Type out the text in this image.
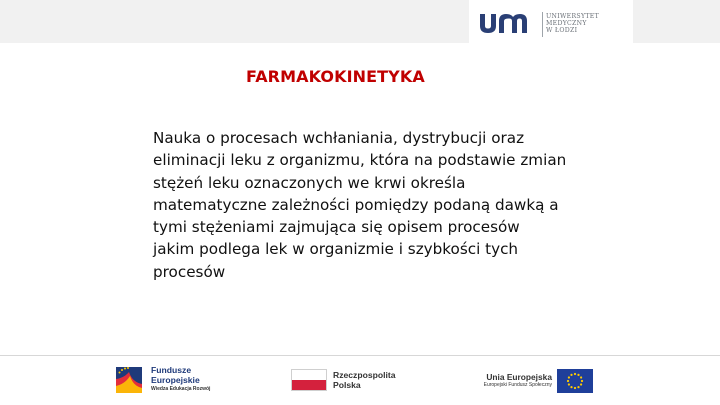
UNIWERSYTET
MEDYCZNY
W ŁODZI
FARMAKOKINETYKA
Nauka o procesach wchłaniania, dystrybucji oraz
eliminacji leku z organizmu, która na podstawie zmian
stężeń leku oznaczonych we krwi określa
matematyczne zależności pomiędzy podaną dawką a
tymi stężeniami zajmująca się opisem procesów
jakim podlega lek w organizmie i szybkości tych
procesów
Fundusze
Europejskie
Wiedza Edukacja Rozwój
Rzeczpospolita
Polska
Unia Europejska
Europejski Fundusz Społeczny
